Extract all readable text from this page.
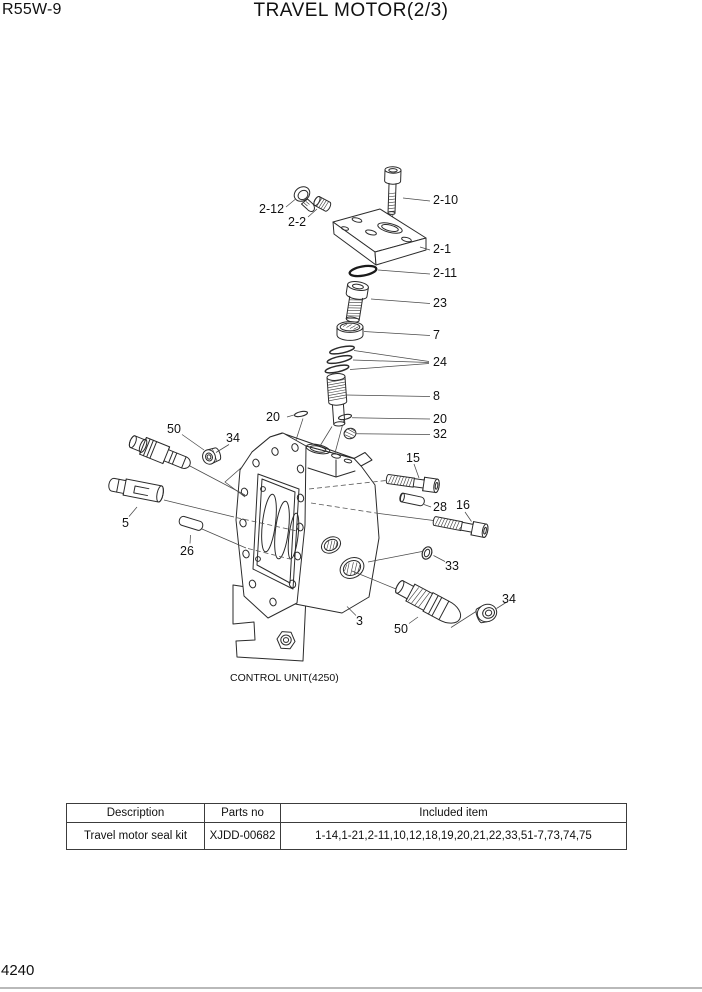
R55W-9	TRAVEL MOTOR(2/3)
2-10
2-12
2-2
2-1
2-11
23
7
24
8
20	20
32
50
34
15
28 16
5
26
33
3
50
34
CONTROL UNIT(4250)
Description	Parts no	Included item
Travel motor seal kit	XJDD-00682	1-14,1-21,2-11,10,12,18,19,20,21,22,33,51-7,73,74,75
4240
